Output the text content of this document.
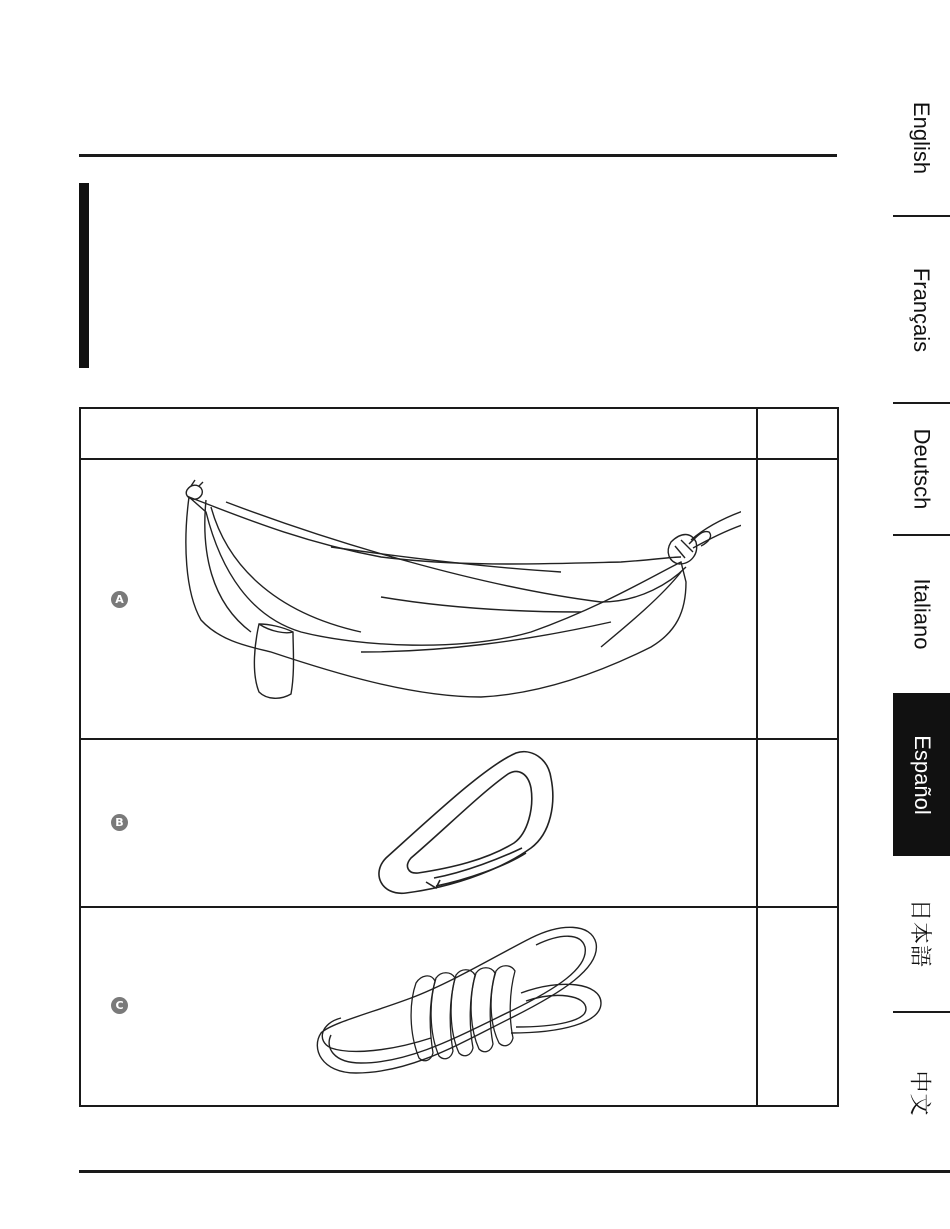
A
B
C
English
Français
Deutsch
Italiano
Español
日本語
中文
